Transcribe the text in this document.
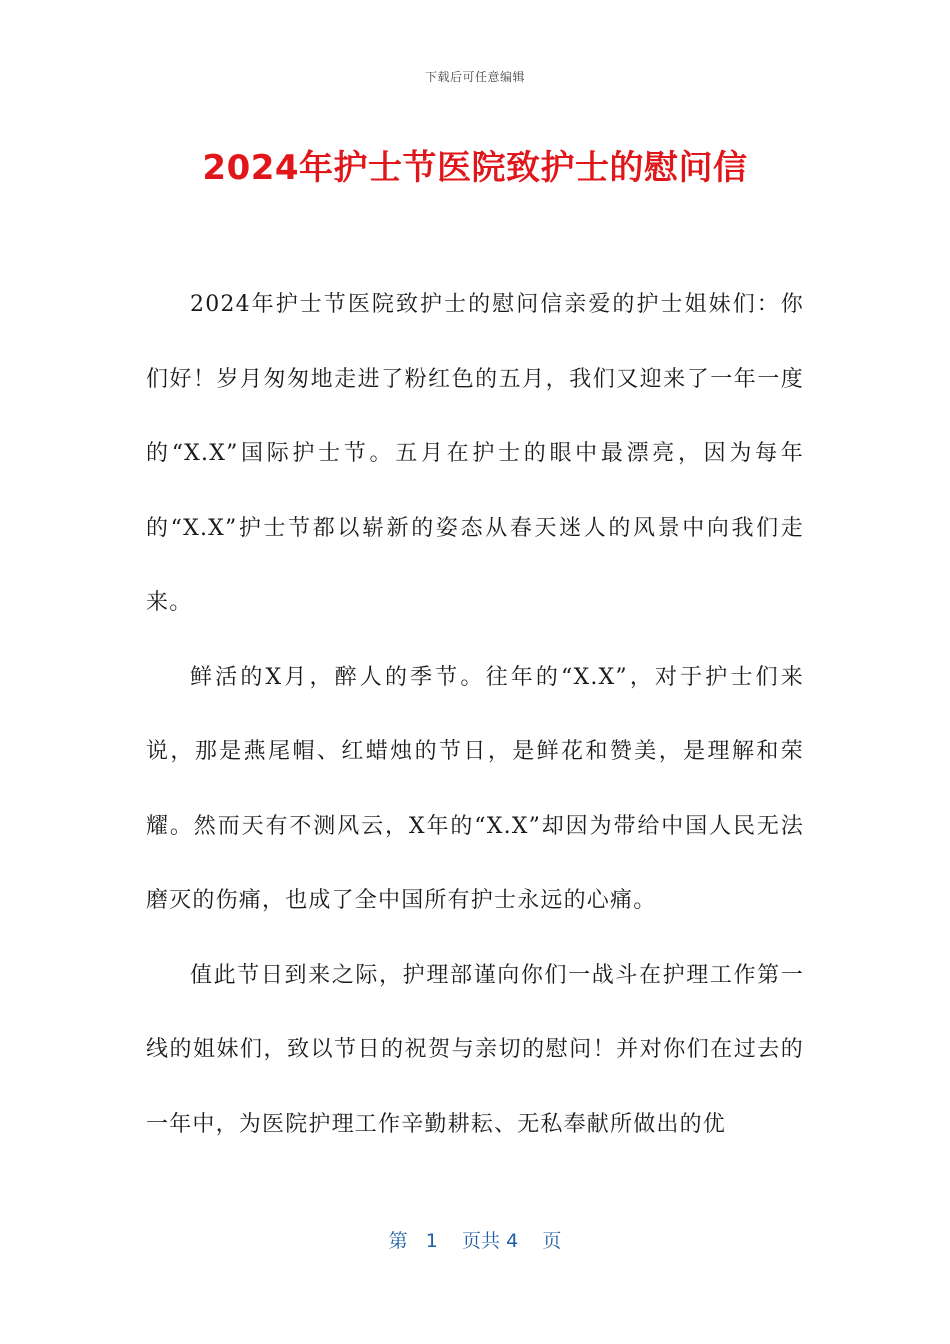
下载后可任意编辑
2024年护士节医院致护士的慰问信

2024年护士节医院致护士的慰问信亲爱的护士姐妹们：你们好！岁月匆匆地走进了粉红色的五月，我们又迎来了一年一度的“X.X”国际护士节。五月在护士的眼中最漂亮，因为每年的“X.X”护士节都以崭新的姿态从春天迷人的风景中向我们走来。

鲜活的X月，醉人的季节。往年的“X.X”，对于护士们来说，那是燕尾帽、红蜡烛的节日，是鲜花和赞美，是理解和荣耀。然而天有不测风云，X年的“X.X”却因为带给中国人民无法磨灭的伤痛，也成了全中国所有护士永远的心痛。

值此节日到来之际，护理部谨向你们一战斗在护理工作第一线的姐妹们，致以节日的祝贺与亲切的慰问！并对你们在过去的一年中，为医院护理工作辛勤耕耘、无私奉献所做出的优

第 1 页共 4 页
